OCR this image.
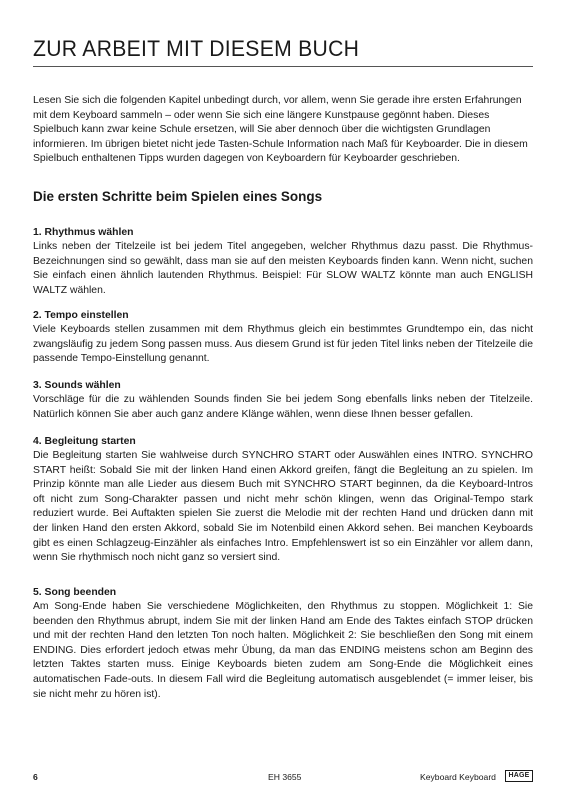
ZUR ARBEIT MIT DIESEM BUCH

Lesen Sie sich die folgenden Kapitel unbedingt durch, vor allem, wenn Sie gerade ihre ersten Erfahrungen mit dem Keyboard sammeln – oder wenn Sie sich eine längere Kunstpause gegönnt haben. Dieses Spielbuch kann zwar keine Schule ersetzen, will Sie aber dennoch über die wichtigsten Grundlagen informieren. Im übrigen bietet nicht jede Tasten-Schule Information nach Maß für Keyboarder. Die in diesem Spielbuch enthaltenen Tipps wurden dagegen von Keyboardern für Keyboarder geschrieben.

Die ersten Schritte beim Spielen eines Songs
1. Rhythmus wählen

Links neben der Titelzeile ist bei jedem Titel angegeben, welcher Rhythmus dazu passt. Die Rhythmus-Bezeichnungen sind so gewählt, dass man sie auf den meisten Keyboards finden kann. Wenn nicht, suchen Sie einfach einen ähnlich lautenden Rhythmus. Beispiel: Für SLOW WALTZ könnte man auch ENGLISH WALTZ wählen.

2. Tempo einstellen

Viele Keyboards stellen zusammen mit dem Rhythmus gleich ein bestimmtes Grundtempo ein, das nicht zwangsläufig zu jedem Song passen muss. Aus diesem Grund ist für jeden Titel links neben der Titelzeile die passende Tempo-Einstellung genannt.

3. Sounds wählen

Vorschläge für die zu wählenden Sounds finden Sie bei jedem Song ebenfalls links neben der Titelzeile. Natürlich können Sie aber auch ganz andere Klänge wählen, wenn diese Ihnen besser gefallen.

4. Begleitung starten

Die Begleitung starten Sie wahlweise durch SYNCHRO START oder Auswählen eines INTRO. SYNCHRO START heißt: Sobald Sie mit der linken Hand einen Akkord greifen, fängt die Begleitung an zu spielen. Im Prinzip könnte man alle Lieder aus diesem Buch mit SYNCHRO START beginnen, da die Keyboard-Intros oft nicht zum Song-Charakter passen und nicht mehr schön klingen, wenn das Original-Tempo stark reduziert wurde. Bei Auftakten spielen Sie zuerst die Melodie mit der rechten Hand und drücken dann mit der linken Hand den ersten Akkord, sobald Sie im Notenbild einen Akkord sehen. Bei manchen Keyboards gibt es einen Schlagzeug-Einzähler als einfaches Intro. Empfehlenswert ist so ein Einzähler vor allem dann, wenn Sie rhythmisch noch nicht ganz so versiert sind.

5. Song beenden

Am Song-Ende haben Sie verschiedene Möglichkeiten, den Rhythmus zu stoppen. Möglichkeit 1: Sie beenden den Rhythmus abrupt, indem Sie mit der linken Hand am Ende des Taktes einfach STOP drücken und mit der rechten Hand den letzten Ton noch halten. Möglichkeit 2: Sie beschließen den Song mit einem ENDING. Dies erfordert jedoch etwas mehr Übung, da man das ENDING meistens schon am Beginn des letzten Taktes starten muss. Einige Keyboards bieten zudem am Song-Ende die Möglichkeit eines automatischen Fade-outs. In diesem Fall wird die Begleitung automatisch ausgeblendet (= immer leiser, bis sie nicht mehr zu hören ist).

6	EH 3655	Keyboard Keyboard	HAGE
